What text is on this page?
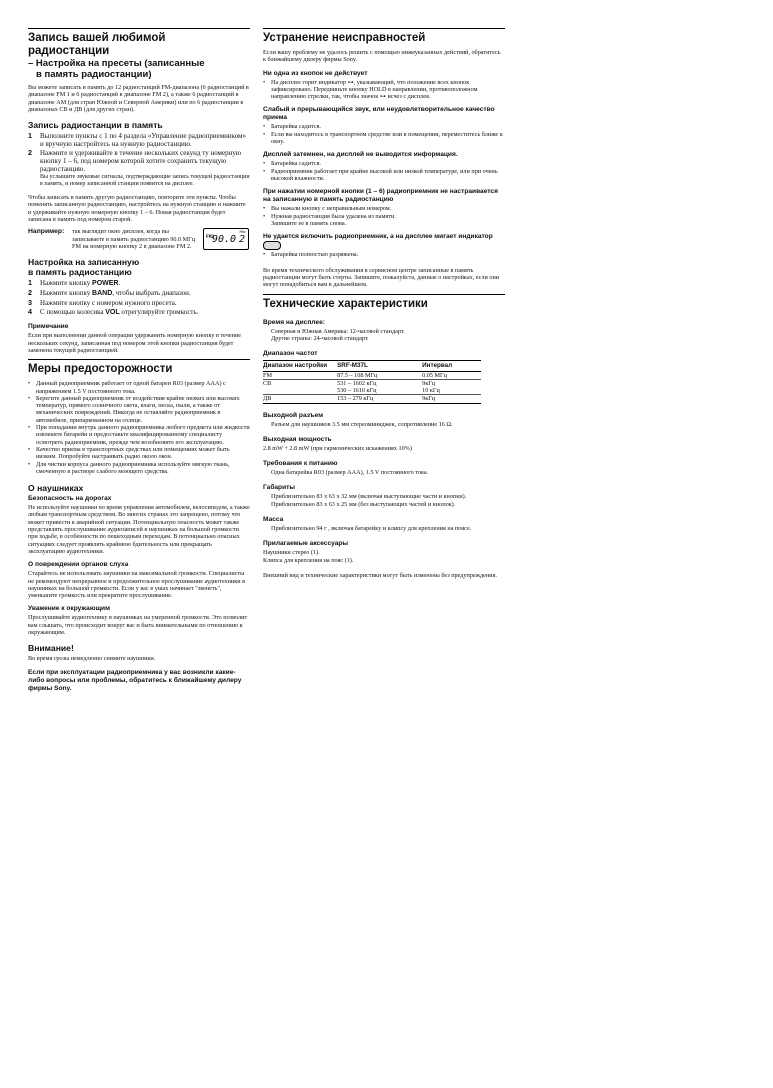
Запись вашей любимой
радиостанции
– Настройка на пресеты (записанные
в память радиостанции)
Вы можете записать в память до 12 радиостанций FM-диапазона (6 радиостанций в диапазоне FM 1 и 6 радиостанций в диапазоне FM 2), а также 6 радиостанций в диапазоне AM (для стран Южной и Северной Америки) или по 6 радиостанции в диапазонах СВ и ДВ (для других стран).
Запись радиостанции в память
1	Выполните пункты с 1 по 4 раздела «Управление радиоприемником» и вручную настройтесь на нужную радиостанцию.
2	Нажмите и удерживайте в течение нескольких секунд ту номерную кнопку 1 – 6, под номером которой хотите сохранить текущую радиостанцию.
Вы услышите звуковые сигналы, подтверждающие запись текущей радиостанции в память, и номер записанной станции появится на дисплее.
Чтобы записать в память другую радиостанцию, повторите эти пункты. Чтобы поменять записанную радиостанцию, настройтесь на нужную станцию и нажмите и удерживайте нужную номерную кнопку 1 – 6. Новая радиостанция будет записана в память под номером старой.
Например:	так выглядит окно дисплея, когда вы записываете в память радиостанцию 90.0 МГц FM на номерную кнопку 2 в диапазоне FM 2.
FM2
MHz
90.0 2
Настройка на записанную
в память радиостанцию
1	Нажмите кнопку POWER.
2	Нажмите кнопку BAND, чтобы выбрать диапазон.
3	Нажмите кнопку с номером нужного пресета.
4	С помощью колесика VOL отрегулируйте громкость.
Примечание
Если при выполнении данной операции удержанить номерную кнопку в течение нескольких секунд, записанная под номером этой кнопки радиостанция будет заменена текущей радиостанцией.
Меры предосторожности
• Данный радиоприемник работает от одной батареи R03 (размер AAA) с напряжением 1.5 V постоянного тока.
• Берегите данный радиоприемник от воздействия крайне низких или высоких температур, прямого солнечного света, влаги, песка, пыли, а также от механических повреждений. Никогда не оставляйте радиоприемник в автомобиле, припаркованном на солнце.
• При попадании внутрь данного радиоприемника любого предмета или жидкости извлеките батарейи и предоставьте квалифицированному специалисту осмотреть радиоприемник, прежде чем возобновите его эксплуатацию.
• Качество приема в транспортных средствах или помещениях может быть низким. Попробуйте настраивать радио около окон.
• Для чистки корпуса данного радиоприемника используйте мягкую ткань, смоченную в растворе слабого моющего средства.
О наушниках
Безопасность на дорогах
Не используйте наушники во время управления автомобилем, велосипедом, а также любым транспортным средством. Во многих странах это запрещено, потому что может привести к аварийной ситуации. Потенциальную опасность может также представлять прослушивание аудиозаписей в наушниках на большой громкости при ходьбе, в особенности по пешеходным переходам. В потенциально опасных ситуациях следует проявлять крайнюю бдительность или прекращать эксплуатацию аудиотехники.
О повреждении органов слуха
Старайтесь не использовать наушники на максимальной громкости. Специалисты не рекомендуют непрерывное и продолжительное прослушивание аудиотехники в наушниках на большой громкости. Если у вас в ушах начинает "звенеть", уменьшите громкость или прекратите прослушивание.
Уважение к окружающим
Прослушивайте аудиотехнику в наушниках на умеренной громкости. Это позволит вам слышать, что происходит вокруг вас и быть внимательными по отношению к окружающим.
Внимание!
Во время грозы немедленно снимите наушники.
Если при эксплуатации радиоприемника у вас возникли какие-либо вопросы или проблемы, обратитесь к ближайшему дилеру фирмы Sony.
Устранение неисправностей
Если вашу проблему не удалось решить с помощью нижеуказанных действий, обратитесь к ближайшему дилеру фирмы Sony.
Ни одна из кнопок не действует
• На дисплее горит индикатор ⊶, указывающий, что положение всех кнопок зафиксировано. Передвиньте кнопку HOLD в направлении, противоположном направлению стрелки, так, чтобы значок ⊶ исчез с дисплея.
Слабый и прерывающийся звук, или неудовлетворительное качество приема
• Батарейка садится.
• Если вы находитесь в транспортном средстве или в помещении, переместитесь ближе к окну.
Дисплей затемнен, на дисплей не выводится информация.
• Батарейка садится.
• Радиоприемник работает при крайне высокой или низкой температуре, или при очень высокой влажности.
При нажатии номерной кнопки (1 – 6) радиоприемник не настраивается на записанную в память радиостанцию
• Вы нажали кнопку с неправильным номером.
• Нужная радиостанция была удалена из памяти.
Запишите ее в память снова.
Не удается включить радиоприемник, а на дисплее мигает индикатор
• Батарейка полностью разряжена.
Во время технического обслуживания в сервисном центре записанные в память радиостанции могут быть стерты. Запишите, пожалуйста, данные о настройках, если они могут понадобиться вам в дальнейшем.
Технические характеристики
Время на дисплее:
Северная и Южная Америка: 12-часовой стандарт.
Другие страны: 24-часовой стандарт.
Диапазон частот
Диапазон настройки	SRF-M37L	Интервал
FM	87.5 – 108 МГц	0.05 МГц
СВ	531 – 1602 кГц	9кГц
	530 – 1610 кГц	10 кГц
ДВ	153 – 279 кГц	9кГц
Выходной разъем
Разъем для наушников 3.5 мм стереоминиджек, сопротивление 16 Ω.
Выходная мощность
2.8 mW + 2.8 mW (при гармонических искажениях 10%)
Требования к питанию
Одна батарейка R03 (размер AAA), 1.5 V постоянного тока.
Габариты
Приблизительно 83 x 63 x 32 мм (включая выступающие части и кнопки).
Приблизительно 83 x 63 x 25 мм (без выступающих частей и кнопок).
Масса
Приблизительно 94 г , включая батарейку и клипсу для крепления на поясе.
Прилагаемые аксессуары
Наушники стерео (1).
Клипса для крепления на пояс (1).
Внешний вид и технические характеристики могут быть изменены без предупреждения.
